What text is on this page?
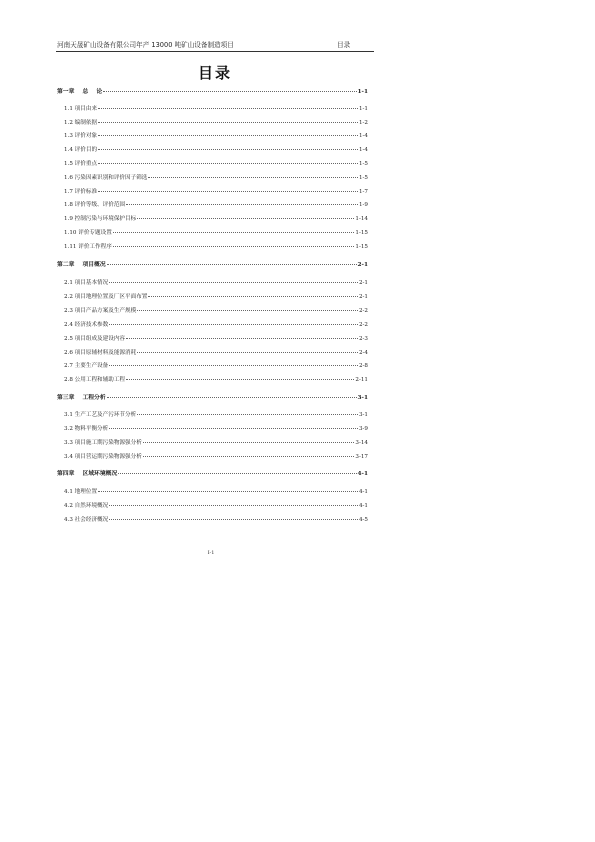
河南天晟矿山设备有限公司年产 13000 吨矿山设备制造项目	目录
目录
第一章    总    论	1-1
1.1 项目由来	1-1
1.2 编制依据	1-2
1.3 评价对象	1-4
1.4 评价目的	1-4
1.5 评价重点	1-5
1.6 污染因素识别和评价因子筛选	1-5
1.7 评价标准	1-7
1.8 评价等级、评价范围	1-9
1.9 控制污染与环境保护目标	1-14
1.10 评价专题设置	1-15
1.11 评价工作程序	1-15
第二章    项目概况	2-1
2.1 项目基本情况	2-1
2.2 项目地理位置及厂区平面布置	2-1
2.3 项目产品方案及生产规模	2-2
2.4 经济技术参数	2-2
2.5 项目组成及建设内容	2-3
2.6 项目原辅材料及能源消耗	2-4
2.7 主要生产设备	2-8
2.8 公用工程和辅助工程	2-11
第三章    工程分析	3-1
3.1 生产工艺及产污环节分析	3-1
3.2 物料平衡分析	3-9
3.3 项目施工期污染物源强分析	3-14
3.4 项目营运期污染物源强分析	3-17
第四章    区域环境概况	4-1
4.1 地理位置	4-1
4.2 自然环境概况	4-1
4.3 社会经济概况	4-5
I-1
